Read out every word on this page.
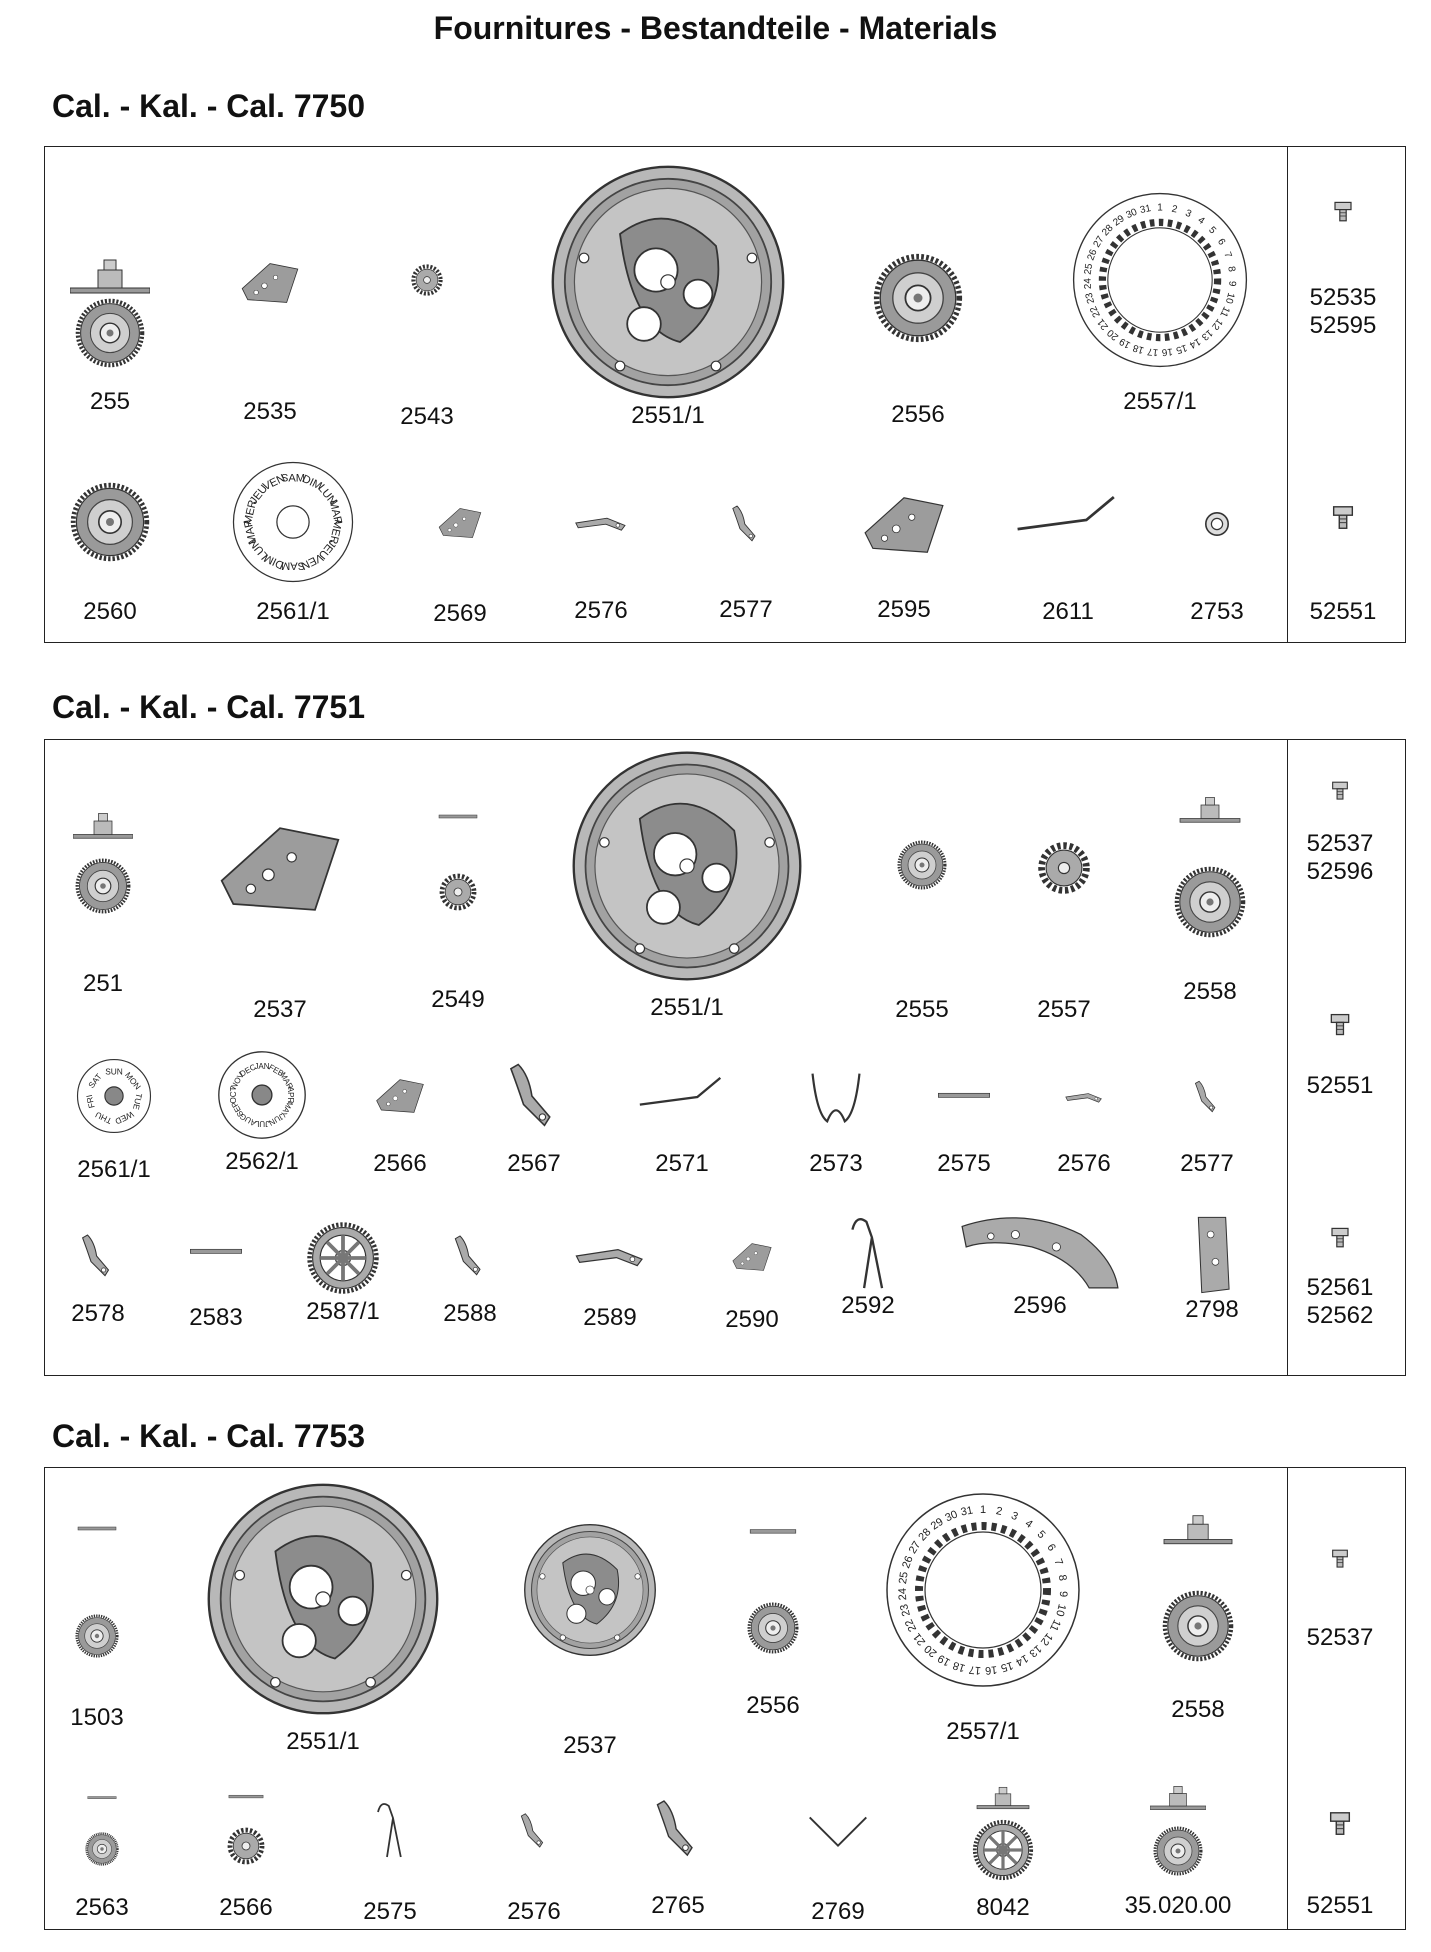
Fournitures - Bestandteile - Materials
Cal. - Kal. - Cal. 7750
255	2535	2543	2551/1	2556
1 2 3
4
5
6
7
8
9
10
11
12
13
14
15
16
17
18
19
20
21
22
23
24
25
26
27
28
29
30 31
2557/1
2560
SAM
DIM
LUN
MAR
MER
JEU
VEN
SAM
DIM
LUN
MAR
MER
JEU
VEN
2561/1	2569	2576	2577	2595	2611	2753
52535
52595
52551
Cal. - Kal. - Cal. 7751
251
2537	2549	2551/1	2555	2557
2558
SUN MON
TUE
WED
THU
FRI
SAT
2561/1
JAN
FEB
MAR
APR
MAY
JUN
JUL
AUG
SEP
OCT
NOV
DEC
2562/1	2566	2567	2571	2573	2575	2576	2577
2578	2583	2587/1	2588	2589	2590
2592	2596	2798
52537
52596
52551
52561
52562
Cal. - Kal. - Cal. 7753
1503
2551/1	2537
2556
1 2 3
4
5
6
7
8
9
10
11
12
13
14
15
16
17
18
19
20
21
22
23
24
25
26
27
28
29
30 31
2557/1
2558
2563	2566	2575	2576	2765	2769	8042	35.020.00
52537
52551
